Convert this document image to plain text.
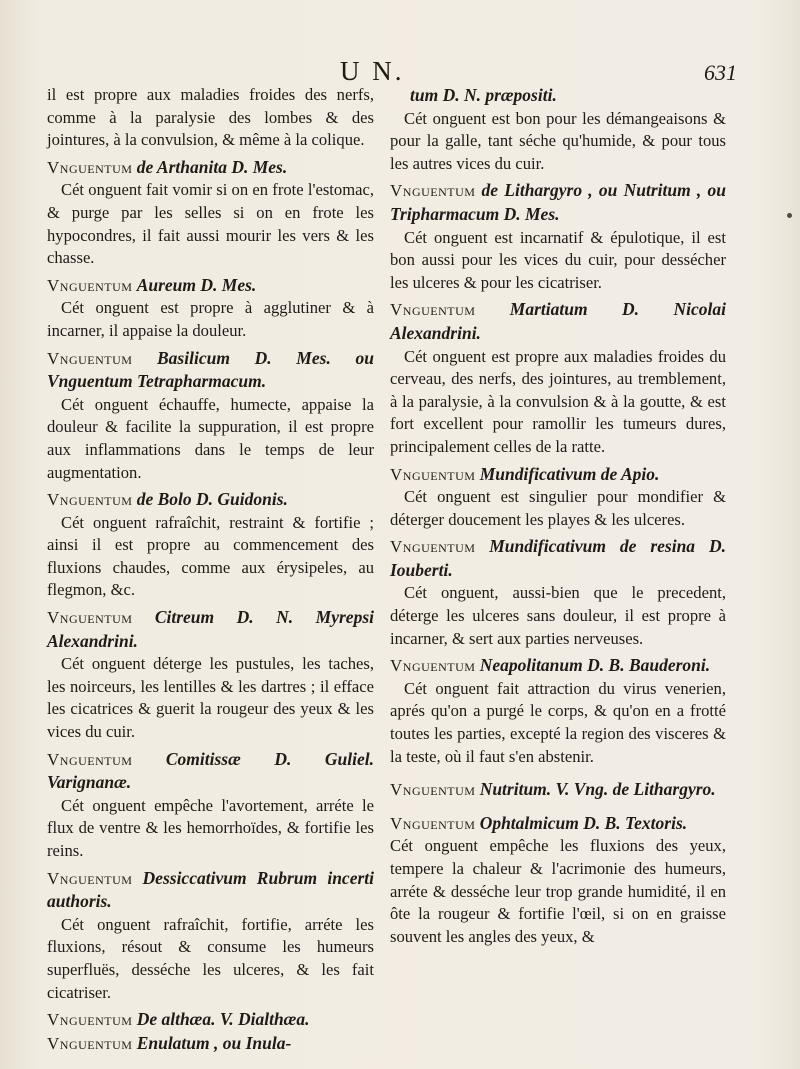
U N.	631

il est propre aux maladies froides des nerfs, comme à la paralysie des lombes & des jointures, à la convulsion, & même à la colique.

Vnguentum de Arthanita D. Mes.

Cét onguent fait vomir si on en frote l'estomac, & purge par les selles si on en frote les hypocondres, il fait aussi mourir les vers & les chasse.

Vnguentum Aureum D. Mes.

Cét onguent est propre à agglutiner & à incarner, il appaise la douleur.

Vnguentum Basilicum D. Mes. ou Vnguentum Tetrapharmacum.

Cét onguent échauffe, humecte, appaise la douleur & facilite la suppuration, il est propre aux inflammations dans le temps de leur augmentation.

Vnguentum de Bolo D. Guidonis.

Cét onguent rafraîchit, restraint & fortifie ; ainsi il est propre au commencement des fluxions chaudes, comme aux érysipeles, au flegmon, &c.

Vnguentum Citreum D. N. Myrepsi Alexandrini.

Cét onguent déterge les pustules, les taches, les noirceurs, les lentilles & les dartres ; il efface les cicatrices & guerit la rougeur des yeux & les vices du cuir.

Vnguentum Comitissæ D. Guliel. Varignanæ.

Cét onguent empêche l'avortement, arréte le flux de ventre & les hemorrhoïdes, & fortifie les reins.

Vnguentum Dessiccativum Rubrum incerti authoris.

Cét onguent rafraîchit, fortifie, arréte les fluxions, résout & consume les humeurs superfluës, desséche les ulceres, & les fait cicatriser.

Vnguentum De althæa. V. Dialthæa.

Vnguentum Enulatum , ou Inula-

tum D. N. præpositi.

Cét onguent est bon pour les démangeaisons & pour la galle, tant séche qu'humide, & pour tous les autres vices du cuir.

Vnguentum de Lithargyro , ou Nutritum , ou Tripharmacum D. Mes.

Cét onguent est incarnatif & épulotique, il est bon aussi pour les vices du cuir, pour dessécher les ulceres & pour les cicatriser.

Vnguentum Martiatum D. Nicolai Alexandrini.

Cét onguent est propre aux maladies froides du cerveau, des nerfs, des jointures, au tremblement, à la paralysie, à la convulsion & à la goutte, & est fort excellent pour ramollir les tumeurs dures, principalement celles de la ratte.

Vnguentum Mundificativum de Apio.

Cét onguent est singulier pour mondifier & déterger doucement les playes & les ulceres.

Vnguentum Mundificativum de resina D. Iouberti.

Cét onguent, aussi-bien que le precedent, déterge les ulceres sans douleur, il est propre à incarner, & sert aux parties nerveuses.

Vnguentum Neapolitanum D. B. Bauderoni.

Cét onguent fait attraction du virus venerien, aprés qu'on a purgé le corps, & qu'on en a frotté toutes les parties, excepté la region des visceres & la teste, où il faut s'en abstenir.

Vnguentum Nutritum. V. Vng. de Lithargyro.

Vnguentum Ophtalmicum D. B. Textoris.

Cét onguent empêche les fluxions des yeux, tempere la chaleur & l'acrimonie des humeurs, arréte & desséche leur trop grande humidité, il en ôte la rougeur & fortifie l'œil, si on en graisse souvent les angles des yeux, &
